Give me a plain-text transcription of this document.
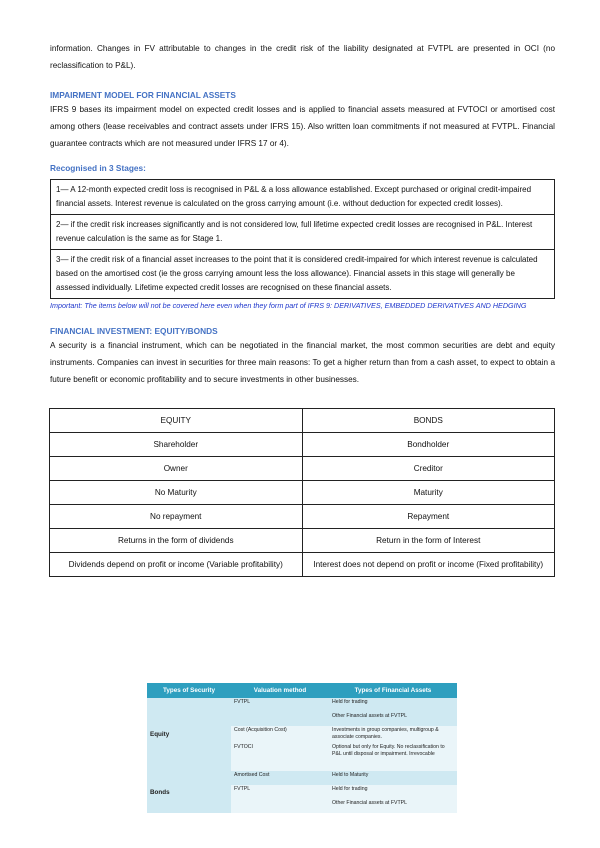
information. Changes in FV attributable to changes in the credit risk of the liability designated at FVTPL are presented in OCI (no reclassification to P&L).

IMPAIRMENT MODEL FOR FINANCIAL ASSETS

IFRS 9 bases its impairment model on expected credit losses and is applied to financial assets measured at FVTOCI or amortised cost among others (lease receivables and contract assets under IFRS 15). Also written loan commitments if not measured at FVTPL. Financial guarantee contracts which are not measured under IFRS 17 or 4).

Recognised in 3 Stages:
1— A 12-month expected credit loss is recognised in P&L & a loss allowance established. Except purchased or original credit-impaired financial assets. Interest revenue is calculated on the gross carrying amount (i.e. without deduction for expected credit losses).
2— if the credit risk increases significantly and is not considered low, full lifetime expected credit losses are recognised in P&L. Interest revenue calculation is the same as for Stage 1.
3— if the credit risk of a financial asset increases to the point that it is considered credit-impaired for which interest revenue is calculated based on the amortised cost (ie the gross carrying amount less the loss allowance). Financial assets in this stage will generally be assessed individually. Lifetime expected credit losses are recognised on these financial assets.

Important: The items below will not be covered here even when they form part of IFRS 9: DERIVATIVES, EMBEDDED DERIVATIVES AND HEDGING

FINANCIAL INVESTMENT: EQUITY/BONDS

A security is a financial instrument, which can be negotiated in the financial market, the most common securities are debt and equity instruments. Companies can invest in securities for three main reasons: To get a higher return than from a cash asset, to expect to obtain a future benefit or economic profitability and to secure investments in other businesses.

EQUITY	BONDS
Shareholder	Bondholder
Owner	Creditor
No Maturity	Maturity
No repayment	Repayment
Returns in the form of dividends	Return in the form of Interest
Dividends depend on profit or income (Variable profitability)	Interest does not depend on profit or income (Fixed profitability)
Types of Security	Valuation method	Types of Financial Assets
Equity	FVTPL	Held for trading
		Other Financial assets at FVTPL
	Cost (Acquisition Cost)	Investments in group companies, multigroup & associate companies.
	FVTOCI	Optional but only for Equity. No reclassification to P&L until disposal or impairment. Irrevocable
Bonds	Amortised Cost	Held to Maturity
	FVTPL	Held for trading
		Other Financial assets at FVTPL
